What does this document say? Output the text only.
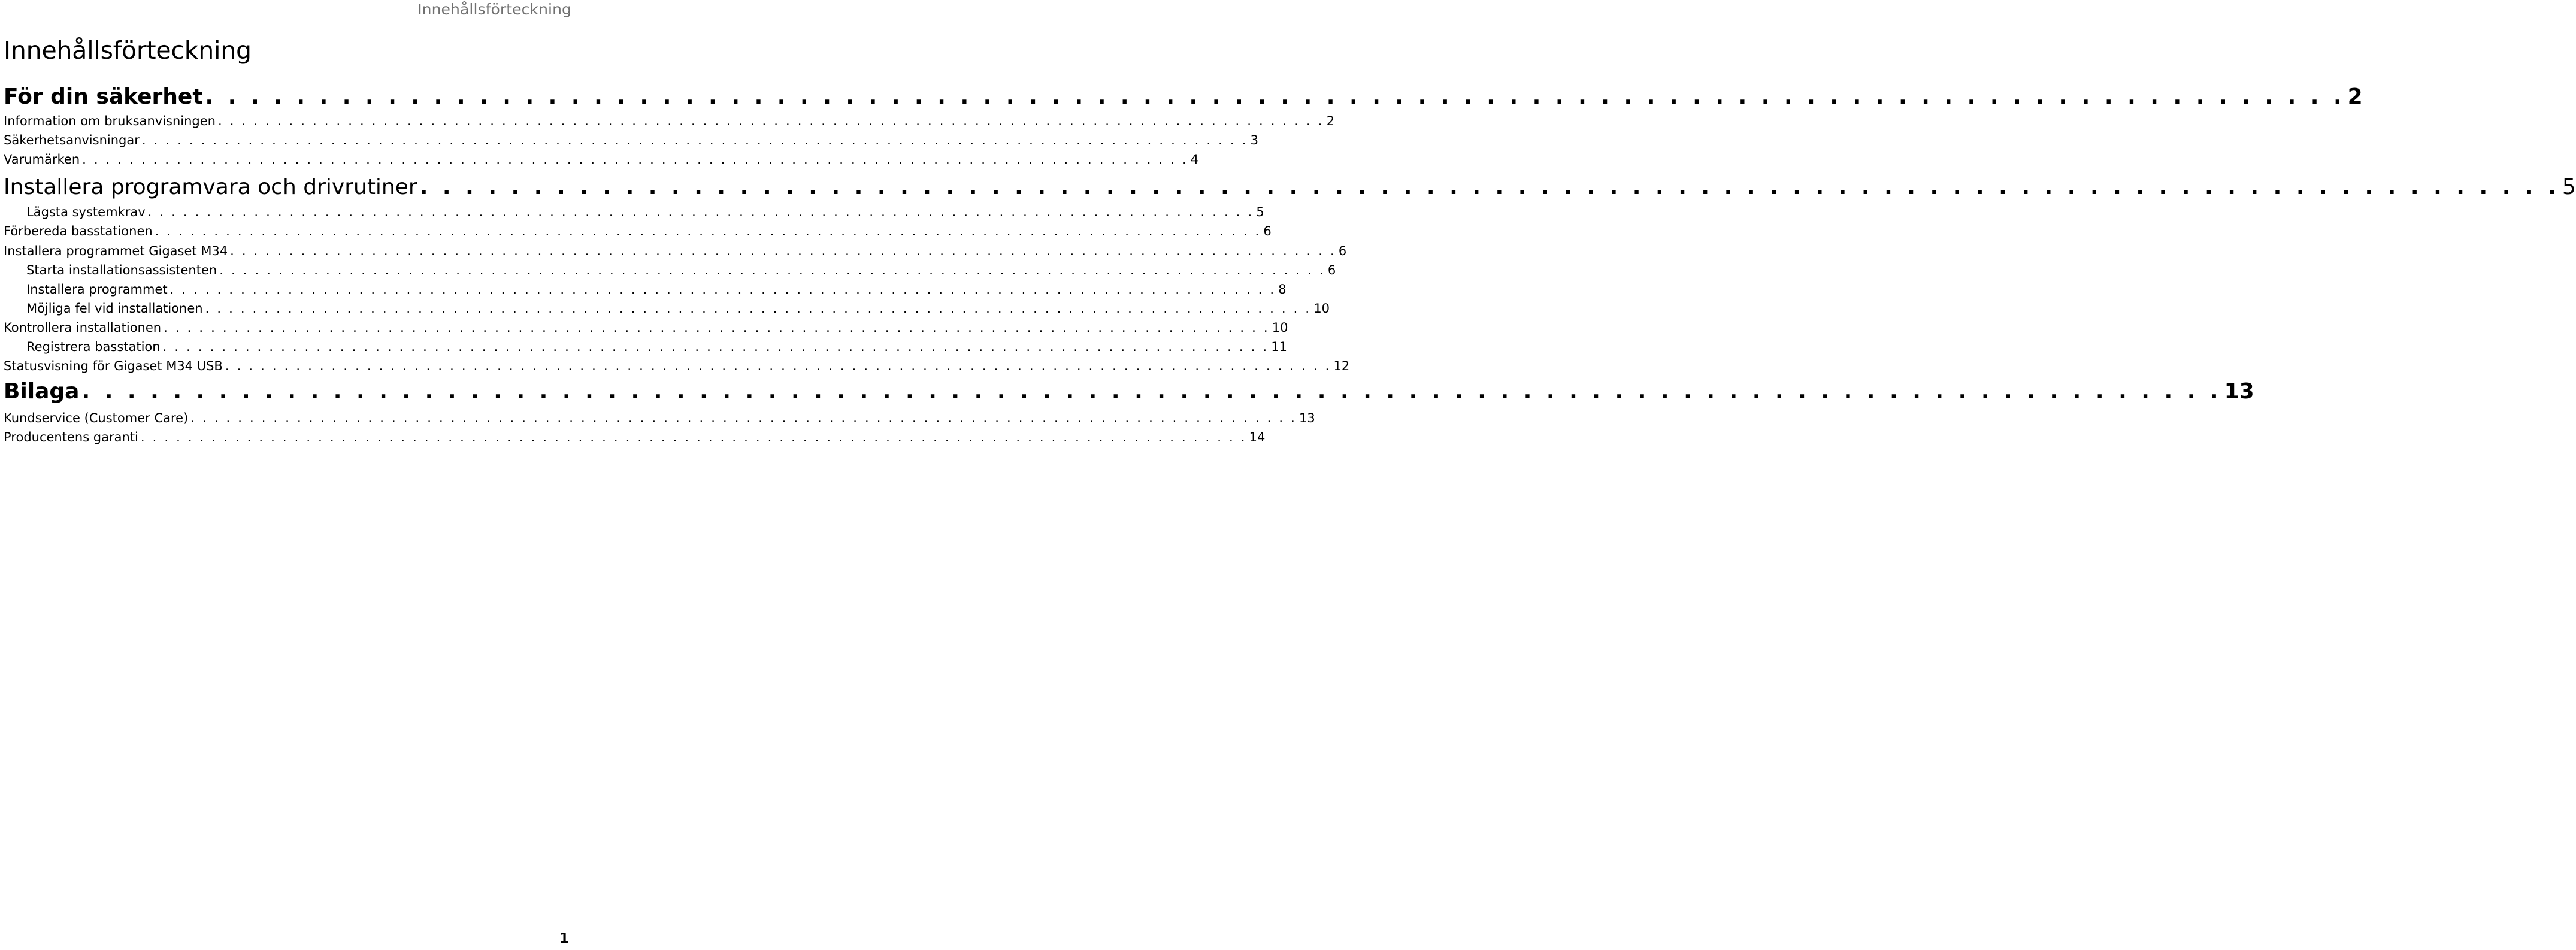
Innehållsförteckning
Innehållsförteckning
För din säkerhet . . . . . . . . . . . . . . . . . . . . . . . . . . . . . . . . . . . . . . . . . . . . . . . . . . . . . . . . . . . . . . . . . . . . . . . . . . . . . . . . . . . . . . . . . . . . . . 2
Information om bruksanvisningen . . . . . . . . . . . . . . . . . . . . . . . . . . . . . . . . . . . . . . . . . . . . . . . . . . . . . . . . . . . . . . . . . . . . . . . . . . . . . . . . . . . . . . . . . . . . . . 2
Säkerhetsanvisningar . . . . . . . . . . . . . . . . . . . . . . . . . . . . . . . . . . . . . . . . . . . . . . . . . . . . . . . . . . . . . . . . . . . . . . . . . . . . . . . . . . . . . . . . . . . . . . 3
Varumärken . . . . . . . . . . . . . . . . . . . . . . . . . . . . . . . . . . . . . . . . . . . . . . . . . . . . . . . . . . . . . . . . . . . . . . . . . . . . . . . . . . . . . . . . . . . . . . 4
Installera programvara och drivrutiner . . . . . . . . . . . . . . . . . . . . . . . . . . . . . . . . . . . . . . . . . . . . . . . . . . . . . . . . . . . . . . . . . . . . . . . . . . . . . . . . . . . . . . . . . . . . . . 5
Lägsta systemkrav . . . . . . . . . . . . . . . . . . . . . . . . . . . . . . . . . . . . . . . . . . . . . . . . . . . . . . . . . . . . . . . . . . . . . . . . . . . . . . . . . . . . . . . . . . . . . . 5
Förbereda basstationen . . . . . . . . . . . . . . . . . . . . . . . . . . . . . . . . . . . . . . . . . . . . . . . . . . . . . . . . . . . . . . . . . . . . . . . . . . . . . . . . . . . . . . . . . . . . . . 6
Installera programmet Gigaset M34 . . . . . . . . . . . . . . . . . . . . . . . . . . . . . . . . . . . . . . . . . . . . . . . . . . . . . . . . . . . . . . . . . . . . . . . . . . . . . . . . . . . . . . . . . . . . . . 6
Starta installationsassistenten . . . . . . . . . . . . . . . . . . . . . . . . . . . . . . . . . . . . . . . . . . . . . . . . . . . . . . . . . . . . . . . . . . . . . . . . . . . . . . . . . . . . . . . . . . . . . . 6
Installera programmet . . . . . . . . . . . . . . . . . . . . . . . . . . . . . . . . . . . . . . . . . . . . . . . . . . . . . . . . . . . . . . . . . . . . . . . . . . . . . . . . . . . . . . . . . . . . . . 8
Möjliga fel vid installationen . . . . . . . . . . . . . . . . . . . . . . . . . . . . . . . . . . . . . . . . . . . . . . . . . . . . . . . . . . . . . . . . . . . . . . . . . . . . . . . . . . . . . . . . . . . . . . 10
Kontrollera installationen . . . . . . . . . . . . . . . . . . . . . . . . . . . . . . . . . . . . . . . . . . . . . . . . . . . . . . . . . . . . . . . . . . . . . . . . . . . . . . . . . . . . . . . . . . . . . . 10
Registrera basstation . . . . . . . . . . . . . . . . . . . . . . . . . . . . . . . . . . . . . . . . . . . . . . . . . . . . . . . . . . . . . . . . . . . . . . . . . . . . . . . . . . . . . . . . . . . . . . 11
Statusvisning för Gigaset M34 USB . . . . . . . . . . . . . . . . . . . . . . . . . . . . . . . . . . . . . . . . . . . . . . . . . . . . . . . . . . . . . . . . . . . . . . . . . . . . . . . . . . . . . . . . . . . . . . 12
Bilaga . . . . . . . . . . . . . . . . . . . . . . . . . . . . . . . . . . . . . . . . . . . . . . . . . . . . . . . . . . . . . . . . . . . . . . . . . . . . . . . . . . . . . . . . . . . . . . 13
Kundservice (Customer Care) . . . . . . . . . . . . . . . . . . . . . . . . . . . . . . . . . . . . . . . . . . . . . . . . . . . . . . . . . . . . . . . . . . . . . . . . . . . . . . . . . . . . . . . . . . . . . . 13
Producentens garanti . . . . . . . . . . . . . . . . . . . . . . . . . . . . . . . . . . . . . . . . . . . . . . . . . . . . . . . . . . . . . . . . . . . . . . . . . . . . . . . . . . . . . . . . . . . . . . 14
1
